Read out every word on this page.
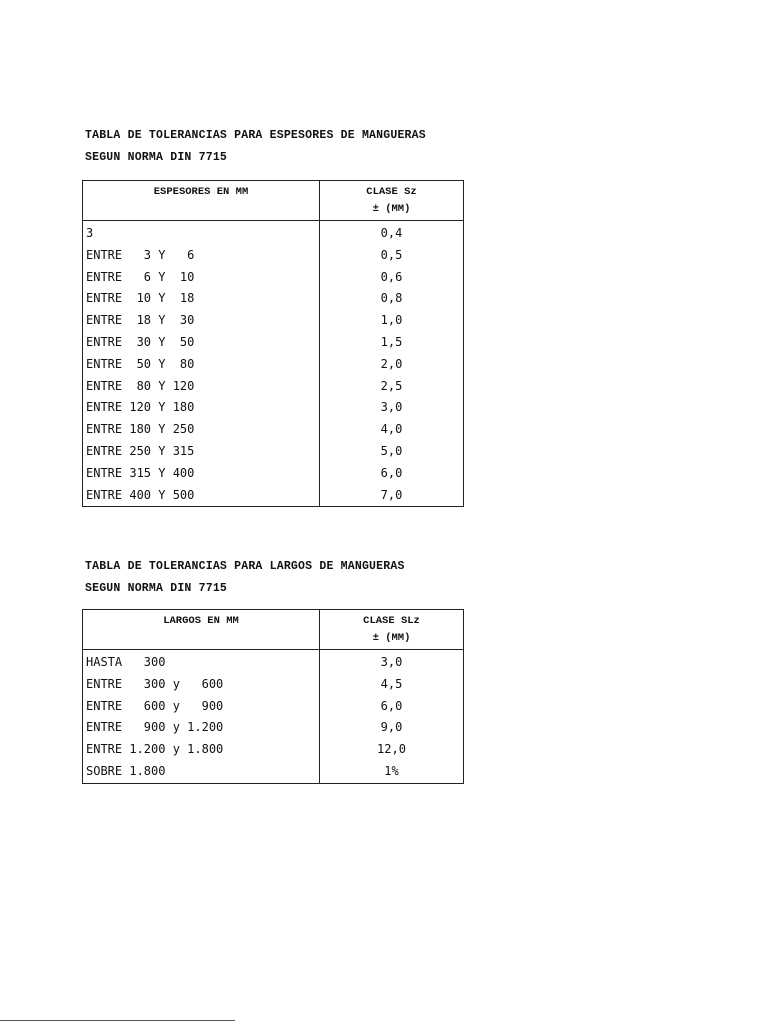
TABLA DE TOLERANCIAS PARA ESPESORES DE MANGUERAS
SEGUN NORMA DIN 7715
ESPESORES EN MM	CLASE Sz
± (MM)
3	0,4
ENTRE   3 Y   6	0,5
ENTRE   6 Y  10	0,6
ENTRE  10 Y  18	0,8
ENTRE  18 Y  30	1,0
ENTRE  30 Y  50	1,5
ENTRE  50 Y  80	2,0
ENTRE  80 Y 120	2,5
ENTRE 120 Y 180	3,0
ENTRE 180 Y 250	4,0
ENTRE 250 Y 315	5,0
ENTRE 315 Y 400	6,0
ENTRE 400 Y 500	7,0
TABLA DE TOLERANCIAS PARA LARGOS DE MANGUERAS
SEGUN NORMA DIN 7715
LARGOS EN MM	CLASE SLz
± (MM)
HASTA   300	3,0
ENTRE   300 y   600	4,5
ENTRE   600 y   900	6,0
ENTRE   900 y 1.200	9,0
ENTRE 1.200 y 1.800	12,0
SOBRE 1.800	1%
